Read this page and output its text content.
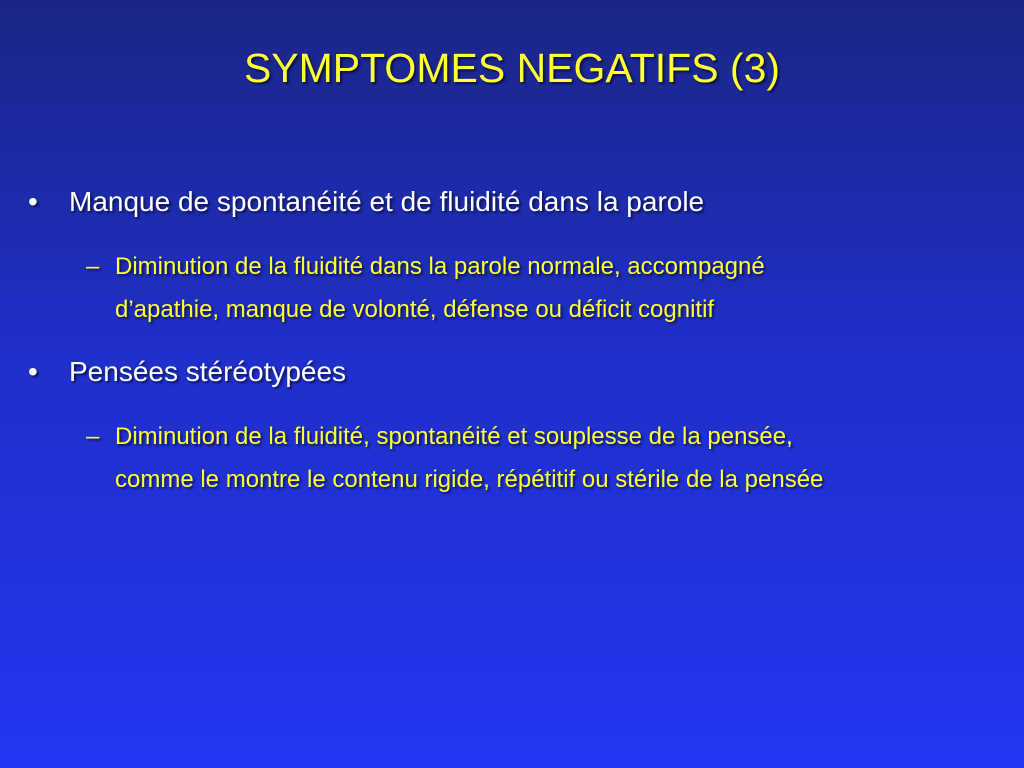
SYMPTOMES NEGATIFS (3)
•	Manque de spontanéité et de fluidité dans la parole
– Diminution de la fluidité dans la parole normale, accompagné
d’apathie, manque de volonté, défense ou déficit cognitif
•	Pensées stéréotypées
– Diminution de la fluidité, spontanéité et souplesse de la pensée,
comme le montre le contenu rigide, répétitif ou stérile de la pensée
